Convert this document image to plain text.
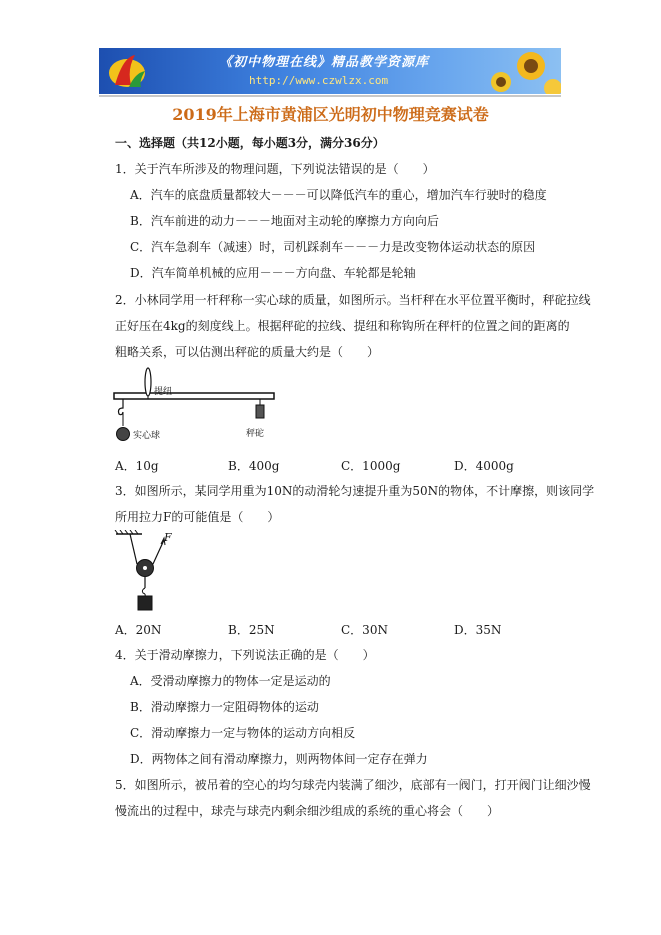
《初中物理在线》精品教学资源库
http://www.czwlzx.com
2019年上海市黄浦区光明初中物理竞赛试卷
一、选择题（共12小题，每小题3分，满分36分）
1．关于汽车所涉及的物理问题，下列说法错误的是（　　）
A．汽车的底盘质量都较大－－－可以降低汽车的重心，增加汽车行驶时的稳度
B．汽车前进的动力－－－地面对主动轮的摩擦力方向向后
C．汽车急刹车（减速）时，司机踩刹车－－－力是改变物体运动状态的原因
D．汽车简单机械的应用－－－方向盘、车轮都是轮轴
2．小林同学用一杆秤称一实心球的质量，如图所示。当杆秤在水平位置平衡时，秤砣拉线
正好压在4kg的刻度线上。根据秤砣的拉线、提纽和称钩所在秤杆的位置之间的距离的
粗略关系，可以估测出秤砣的质量大约是（　　）
提纽
实心球	秤砣
A．10g	B．400g	C．1000g	D．4000g
3．如图所示，某同学用重为10N的动滑轮匀速提升重为50N的物体，不计摩擦，则该同学
所用拉力F的可能值是（　　）
F
A．20N	B．25N	C．30N	D．35N
4．关于滑动摩擦力，下列说法正确的是（　　）
A．受滑动摩擦力的物体一定是运动的
B．滑动摩擦力一定阻碍物体的运动
C．滑动摩擦力一定与物体的运动方向相反
D．两物体之间有滑动摩擦力，则两物体间一定存在弹力
5．如图所示，被吊着的空心的均匀球壳内装满了细沙，底部有一阀门，打开阀门让细沙慢
慢流出的过程中，球壳与球壳内剩余细沙组成的系统的重心将会（　　）
